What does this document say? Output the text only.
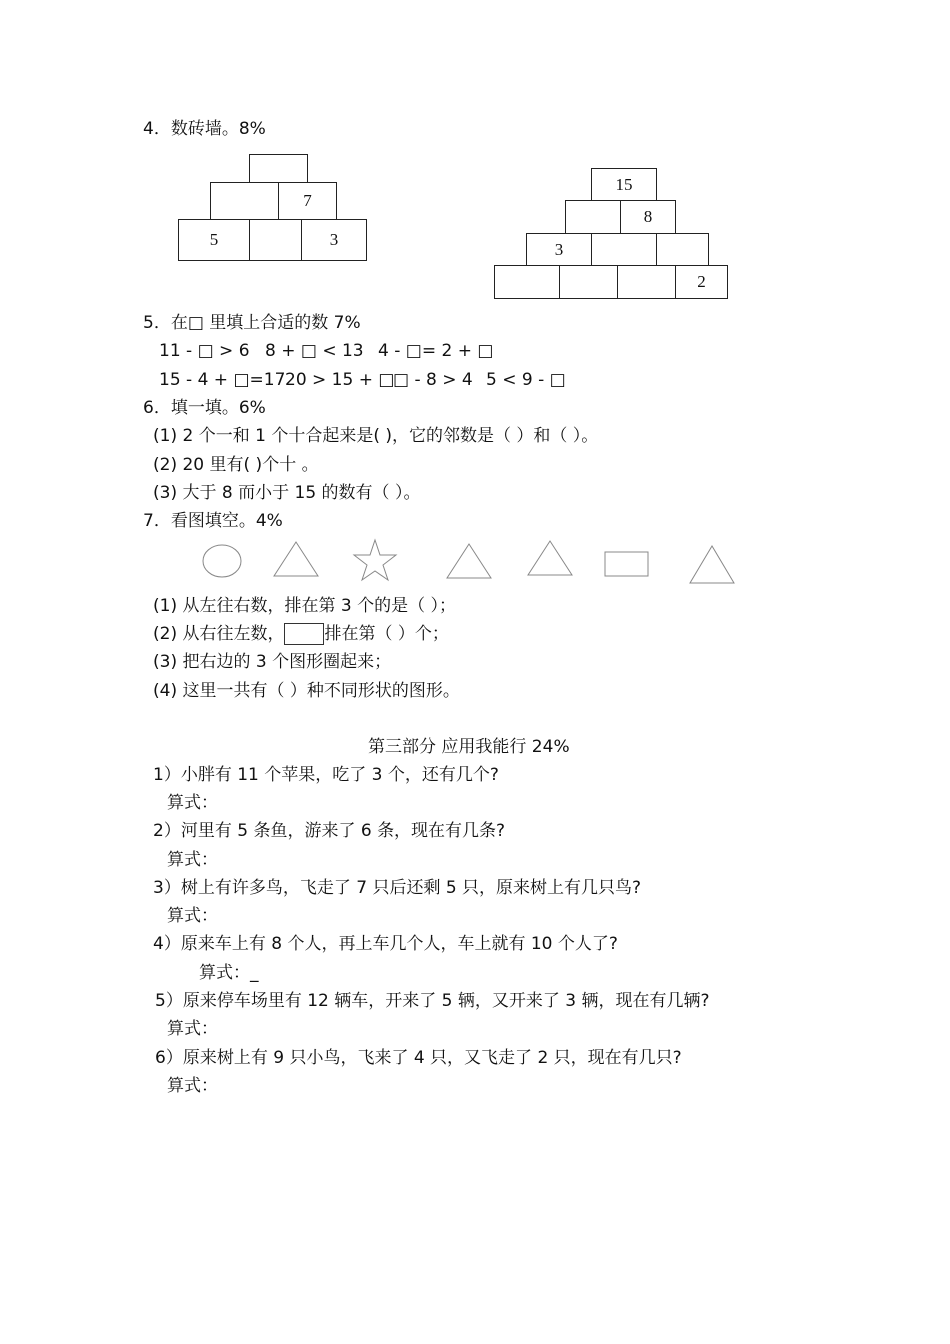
4．数砖墙。8%
7
5	3
15
8
3
2
5．在□ 里填上合适的数 7%
11 - □ > 6 8 + □ < 13 4 - □= 2 + □
15 - 4 + □=17 20 > 15 + □
□ - 8 > 4 5 < 9 - □
6．填一填。6%
(1) 2 个一和 1 个十合起来是( )，它的邻数是（ ）和（ ）。
(2) 20 里有( )个十 。
(3) 大于 8 而小于 15 的数有（ ）。
7．看图填空。4%
(1) 从左往右数，排在第 3 个的是（ ）；
(2) 从右往左数， 排在第（ ）个；
(3) 把右边的 3 个图形圈起来；
(4) 这里一共有（ ）种不同形状的图形。
第三部分 应用我能行 24%
1）小胖有 11 个苹果，吃了 3 个，还有几个?
算式：
2）河里有 5 条鱼，游来了 6 条，现在有几条?
算式：
3）树上有许多鸟，飞走了 7 只后还剩 5 只，原来树上有几只鸟?
算式：
4）原来车上有 8 个人，再上车几个人，车上就有 10 个人了?
算式：_
5）原来停车场里有 12 辆车，开来了 5 辆，又开来了 3 辆，现在有几辆?
算式：
6）原来树上有 9 只小鸟，飞来了 4 只，又飞走了 2 只，现在有几只?
算式：
